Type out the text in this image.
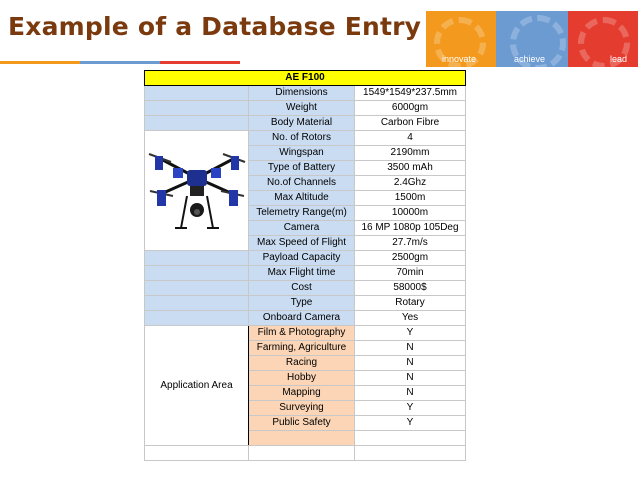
Example of a Database Entry
innovate	achieve	lead
AE F100		
	Dimensions	1549*1549*237.5mm
	Weight	6000gm
	Body Material	Carbon Fibre
	No. of Rotors	4
	Wingspan	2190mm
	Type of Battery	3500 mAh
	No.of Channels	2.4Ghz
	Max Altitude	1500m
	Telemetry Range(m)	10000m
	Camera	16 MP 1080p 105Deg
	Max Speed of Flight	27.7m/s
	Payload Capacity	2500gm
	Max Flight time	70min
	Cost	58000$
	Type	Rotary
	Onboard Camera	Yes
Application Area	Film & Photography	Y
	Farming, Agriculture	N
	Racing	N
	Hobby	N
	Mapping	N
	Surveying	Y
	Public Safety	Y
